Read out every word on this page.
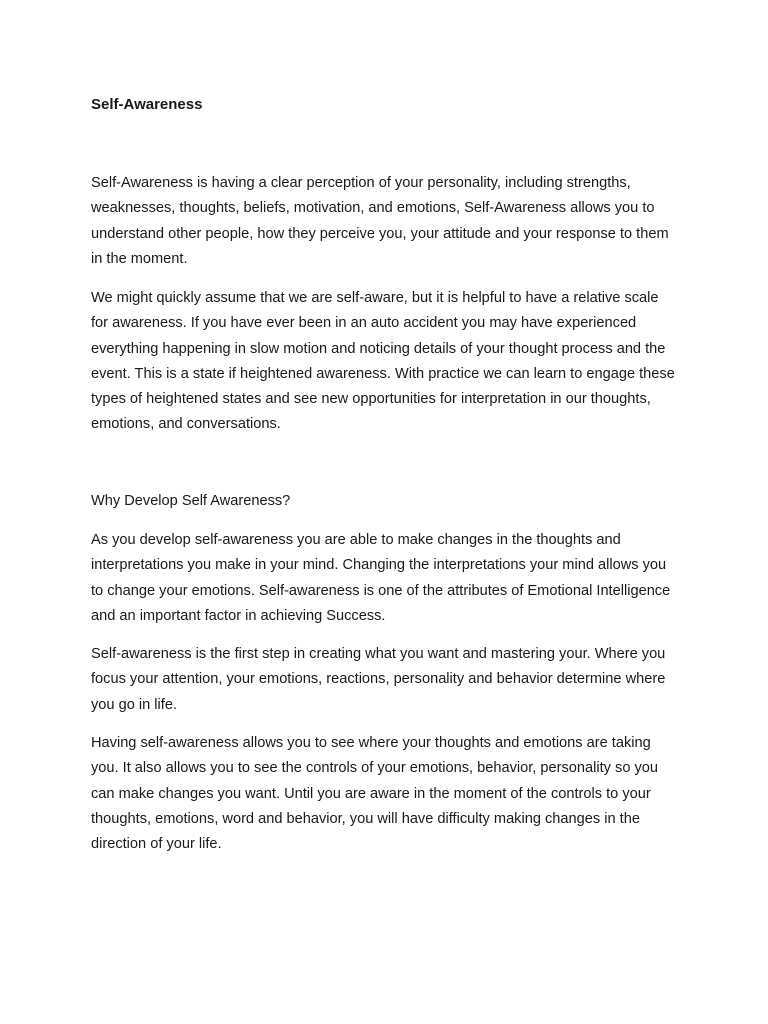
Self-Awareness

Self-Awareness is having a clear perception of your personality, including strengths, weaknesses, thoughts, beliefs, motivation, and emotions, Self-Awareness allows you to understand other people, how they perceive you, your attitude and your response to them in the moment.

We might quickly assume that we are self-aware, but it is helpful to have a relative scale for awareness. If you have ever been in an auto accident you may have experienced everything happening in slow motion and noticing details of your thought process and the event. This is a state if heightened awareness. With practice we can learn to engage these types of heightened states and see new opportunities for interpretation in our thoughts, emotions, and conversations.

Why Develop Self Awareness?

As you develop self-awareness you are able to make changes in the thoughts and interpretations you make in your mind. Changing the interpretations your mind allows you to change your emotions. Self-awareness is one of the attributes of Emotional Intelligence and an important factor in achieving Success.

Self-awareness is the first step in creating what you want and mastering your. Where you focus your attention, your emotions, reactions, personality and behavior determine where you go in life.

Having self-awareness allows you to see where your thoughts and emotions are taking you. It also allows you to see the controls of your emotions, behavior, personality so you can make changes you want. Until you are aware in the moment of the controls to your thoughts, emotions, word and behavior, you will have difficulty making changes in the direction of your life.
